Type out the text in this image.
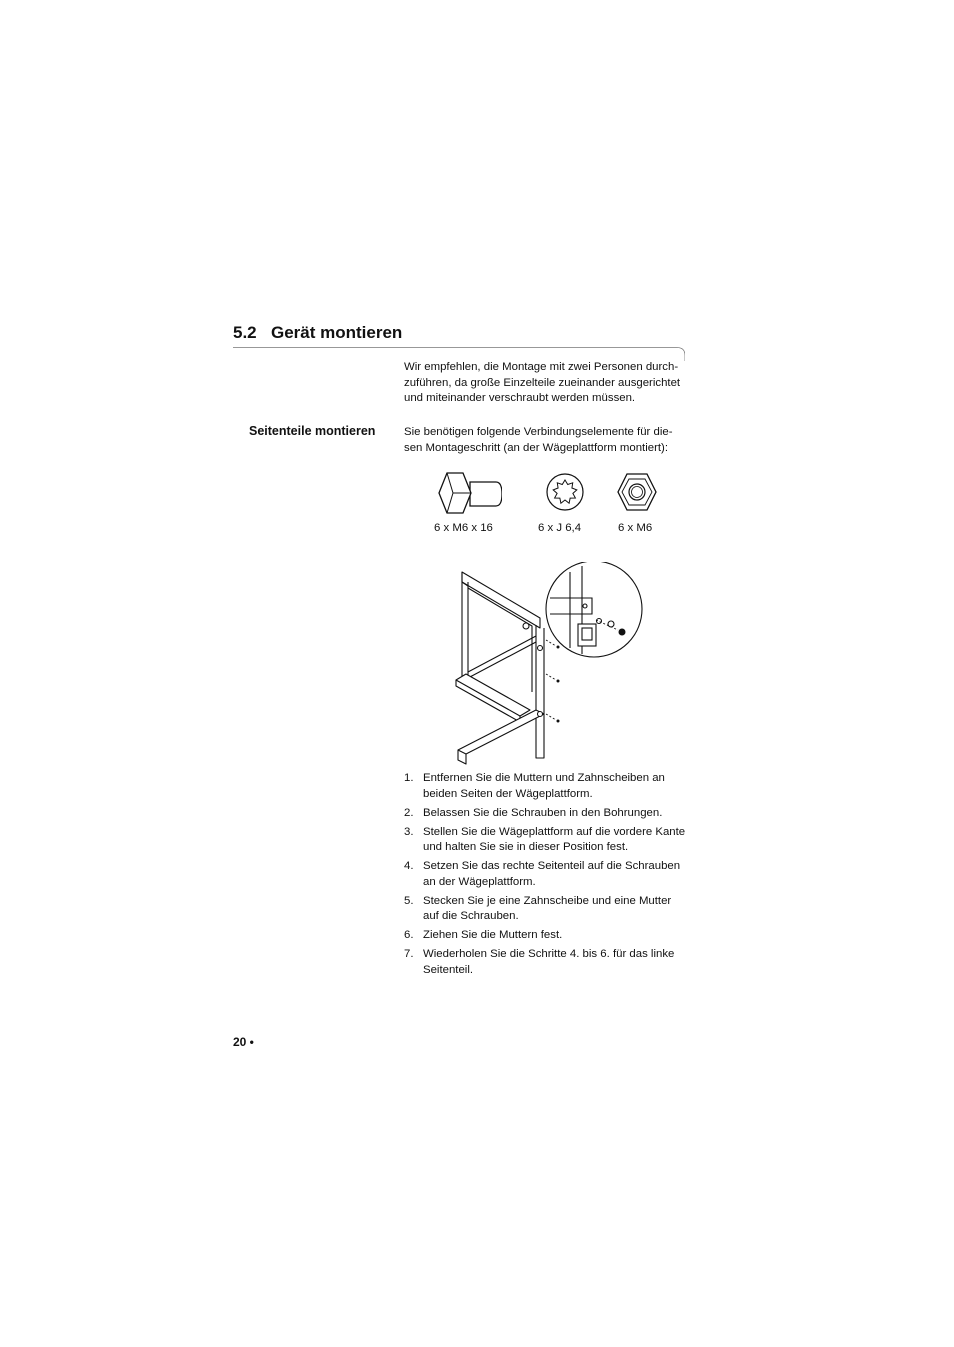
5.2 Gerät montieren
Wir empfehlen, die Montage mit zwei Personen durch-
zuführen, da große Einzelteile zueinander ausgerichtet
und miteinander verschraubt werden müssen.
Seitenteile montieren	Sie benötigen folgende Verbindungselemente für die-
sen Montageschritt (an der Wägeplattform montiert):
6 x M6 x 16	6 x J 6,4	6 x M6
1. Entfernen Sie die Muttern und Zahnscheiben an
beiden Seiten der Wägeplattform.
2. Belassen Sie die Schrauben in den Bohrungen.
3. Stellen Sie die Wägeplattform auf die vordere Kante
und halten Sie sie in dieser Position fest.
4. Setzen Sie das rechte Seitenteil auf die Schrauben
an der Wägeplattform.
5. Stecken Sie je eine Zahnscheibe und eine Mutter
auf die Schrauben.
6. Ziehen Sie die Muttern fest.
7. Wiederholen Sie die Schritte 4. bis 6. für das linke
Seitenteil.
20 •
